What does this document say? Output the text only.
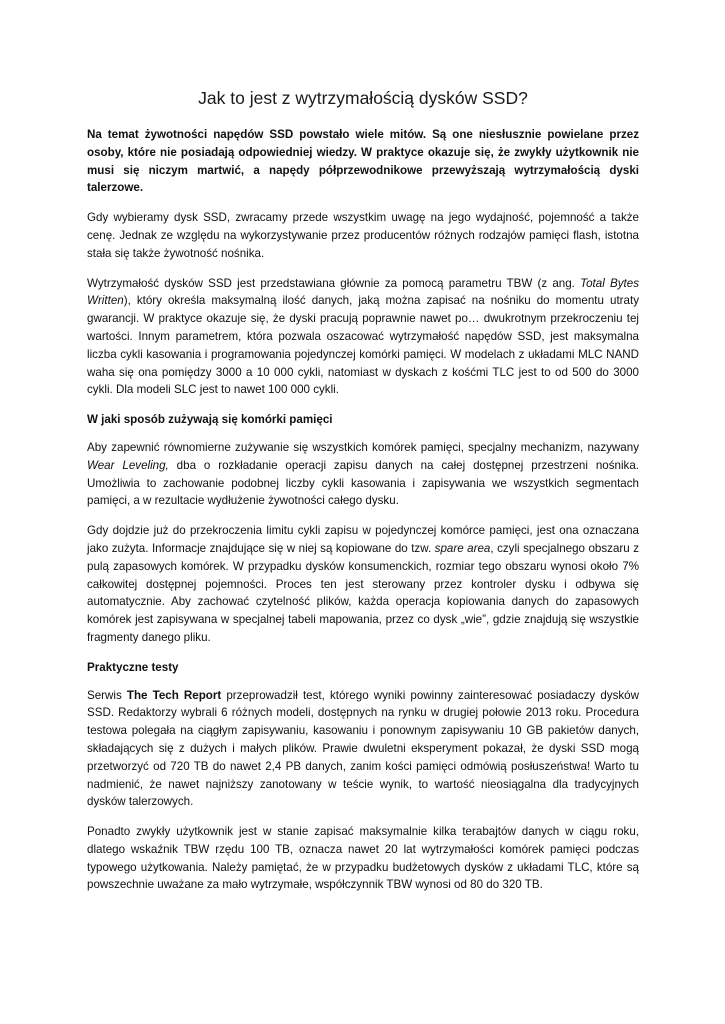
Jak to jest z wytrzymałością dysków SSD?

Na temat żywotności napędów SSD powstało wiele mitów. Są one niesłusznie powielane przez osoby, które nie posiadają odpowiedniej wiedzy. W praktyce okazuje się, że zwykły użytkownik nie musi się niczym martwić, a napędy półprzewodnikowe przewyższają wytrzymałością dyski talerzowe.

Gdy wybieramy dysk SSD, zwracamy przede wszystkim uwagę na jego wydajność, pojemność a także cenę. Jednak ze względu na wykorzystywanie przez producentów różnych rodzajów pamięci flash, istotna stała się także żywotność nośnika.

Wytrzymałość dysków SSD jest przedstawiana głównie za pomocą parametru TBW (z ang. Total Bytes Written), który określa maksymalną ilość danych, jaką można zapisać na nośniku do momentu utraty gwarancji. W praktyce okazuje się, że dyski pracują poprawnie nawet po… dwukrotnym przekroczeniu tej wartości. Innym parametrem, która pozwala oszacować wytrzymałość napędów SSD, jest maksymalna liczba cykli kasowania i programowania pojedynczej komórki pamięci. W modelach z układami MLC NAND waha się ona pomiędzy 3000 a 10 000 cykli, natomiast w dyskach z kośćmi TLC jest to od 500 do 3000 cykli. Dla modeli SLC jest to nawet 100 000 cykli.

W jaki sposób zużywają się komórki pamięci

Aby zapewnić równomierne zużywanie się wszystkich komórek pamięci, specjalny mechanizm, nazywany Wear Leveling, dba o rozkładanie operacji zapisu danych na całej dostępnej przestrzeni nośnika. Umożliwia to zachowanie podobnej liczby cykli kasowania i zapisywania we wszystkich segmentach pamięci, a w rezultacie wydłużenie żywotności całego dysku.

Gdy dojdzie już do przekroczenia limitu cykli zapisu w pojedynczej komórce pamięci, jest ona oznaczana jako zużyta. Informacje znajdujące się w niej są kopiowane do tzw. spare area, czyli specjalnego obszaru z pulą zapasowych komórek. W przypadku dysków konsumenckich, rozmiar tego obszaru wynosi około 7% całkowitej dostępnej pojemności. Proces ten jest sterowany przez kontroler dysku i odbywa się automatycznie. Aby zachować czytelność plików, każda operacja kopiowania danych do zapasowych komórek jest zapisywana w specjalnej tabeli mapowania, przez co dysk „wie”, gdzie znajdują się wszystkie fragmenty danego pliku.

Praktyczne testy

Serwis The Tech Report przeprowadził test, którego wyniki powinny zainteresować posiadaczy dysków SSD. Redaktorzy wybrali 6 różnych modeli, dostępnych na rynku w drugiej połowie 2013 roku. Procedura testowa polegała na ciągłym zapisywaniu, kasowaniu i ponownym zapisywaniu 10 GB pakietów danych, składających się z dużych i małych plików. Prawie dwuletni eksperyment pokazał, że dyski SSD mogą przetworzyć od 720 TB do nawet 2,4 PB danych, zanim kości pamięci odmówią posłuszeństwa! Warto tu nadmienić, że nawet najniższy zanotowany w teście wynik, to wartość nieosiągalna dla tradycyjnych dysków talerzowych.

Ponadto zwykły użytkownik jest w stanie zapisać maksymalnie kilka terabajtów danych w ciągu roku, dlatego wskaźnik TBW rzędu 100 TB, oznacza nawet 20 lat wytrzymałości komórek pamięci podczas typowego użytkowania. Należy pamiętać, że w przypadku budżetowych dysków z układami TLC, które są powszechnie uważane za mało wytrzymałe, współczynnik TBW wynosi od 80 do 320 TB.
